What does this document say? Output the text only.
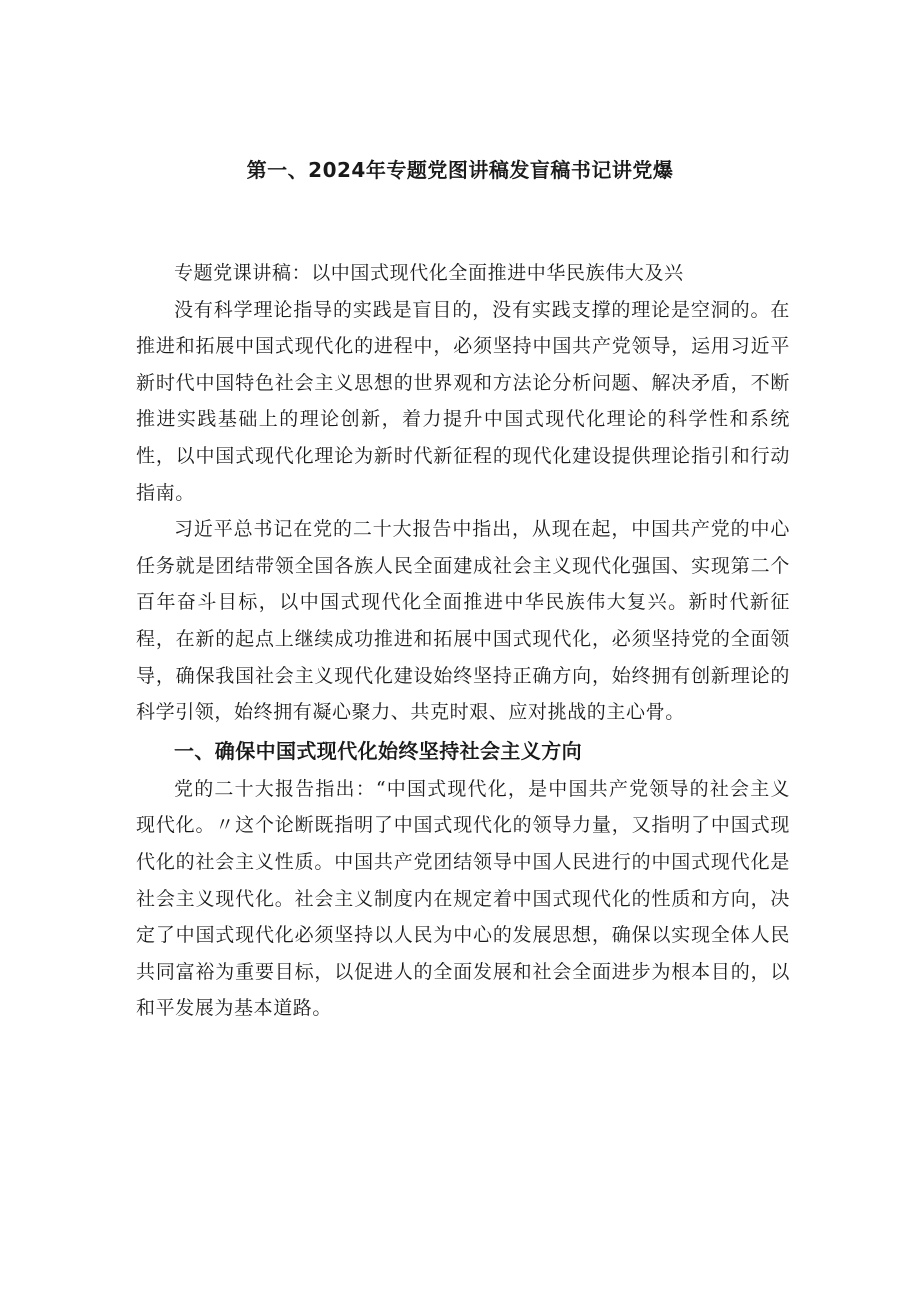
第一、2024年专题党图讲稿发盲稿书记讲党爆

专题党课讲稿：以中国式现代化全面推进中华民族伟大及兴

没有科学理论指导的实践是盲目的，没有实践支撑的理论是空洞的。在推进和拓展中国式现代化的进程中，必须坚持中国共产党领导，运用习近平新时代中国特色社会主义思想的世界观和方法论分析问题、解决矛盾，不断推进实践基础上的理论创新，着力提升中国式现代化理论的科学性和系统性，以中国式现代化理论为新时代新征程的现代化建设提供理论指引和行动指南。

习近平总书记在党的二十大报告中指出，从现在起，中国共产党的中心任务就是团结带领全国各族人民全面建成社会主义现代化强国、实现第二个百年奋斗目标，以中国式现代化全面推进中华民族伟大复兴。新时代新征程，在新的起点上继续成功推进和拓展中国式现代化，必须坚持党的全面领导，确保我国社会主义现代化建设始终坚持正确方向，始终拥有创新理论的科学引领，始终拥有凝心聚力、共克时艰、应对挑战的主心骨。

一、确保中国式现代化始终坚持社会主义方向

党的二十大报告指出：“中国式现代化，是中国共产党领导的社会主义现代化。〃这个论断既指明了中国式现代化的领导力量，又指明了中国式现代化的社会主义性质。中国共产党团结领导中国人民进行的中国式现代化是社会主义现代化。社会主义制度内在规定着中国式现代化的性质和方向，决定了中国式现代化必须坚持以人民为中心的发展思想，确保以实现全体人民共同富裕为重要目标，以促进人的全面发展和社会全面进步为根本目的，以和平发展为基本道路。
